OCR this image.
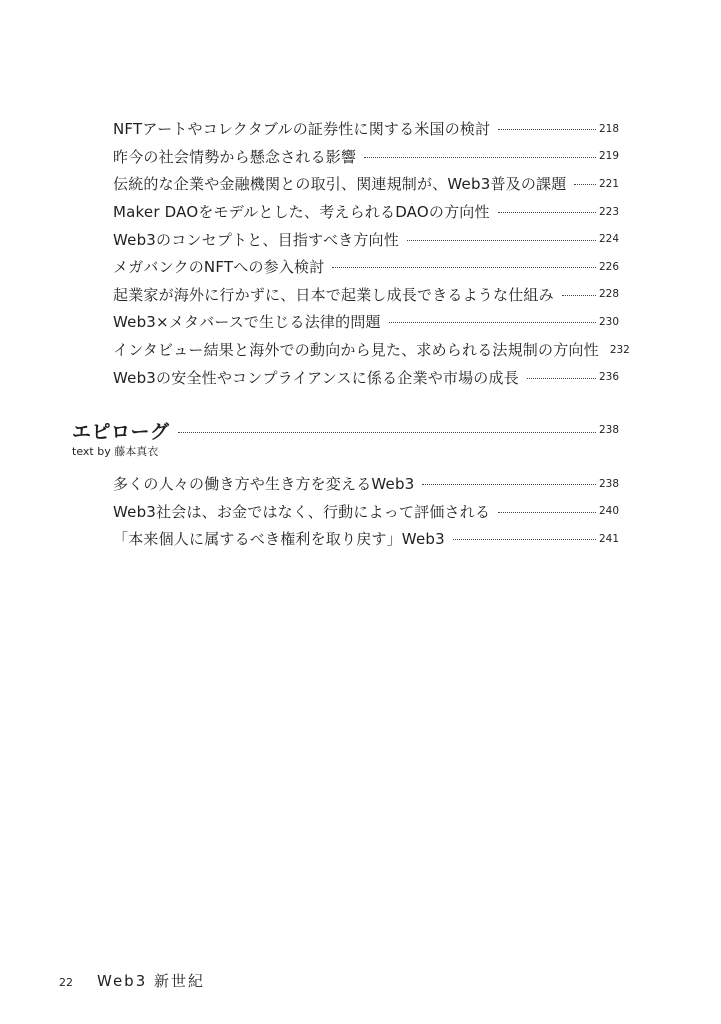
NFTアートやコレクタブルの証券性に関する米国の検討	218
昨今の社会情勢から懸念される影響	219
伝統的な企業や金融機関との取引、関連規制が、Web3普及の課題	221
Maker DAOをモデルとした、考えられるDAOの方向性	223
Web3のコンセプトと、目指すべき方向性	224
メガバンクのNFTへの参入検討	226
起業家が海外に行かずに、日本で起業し成長できるような仕組み	228
Web3×メタバースで生じる法律的問題	230
インタビュー結果と海外での動向から見た、求められる法規制の方向性 232
Web3の安全性やコンプライアンスに係る企業や市場の成長	236
エピローグ	238
text by 藤本真衣
多くの人々の働き方や生き方を変えるWeb3	238
Web3社会は、お金ではなく、行動によって評価される	240
「本来個人に属するべき権利を取り戻す」Web3	241
22 Web3 新世紀
